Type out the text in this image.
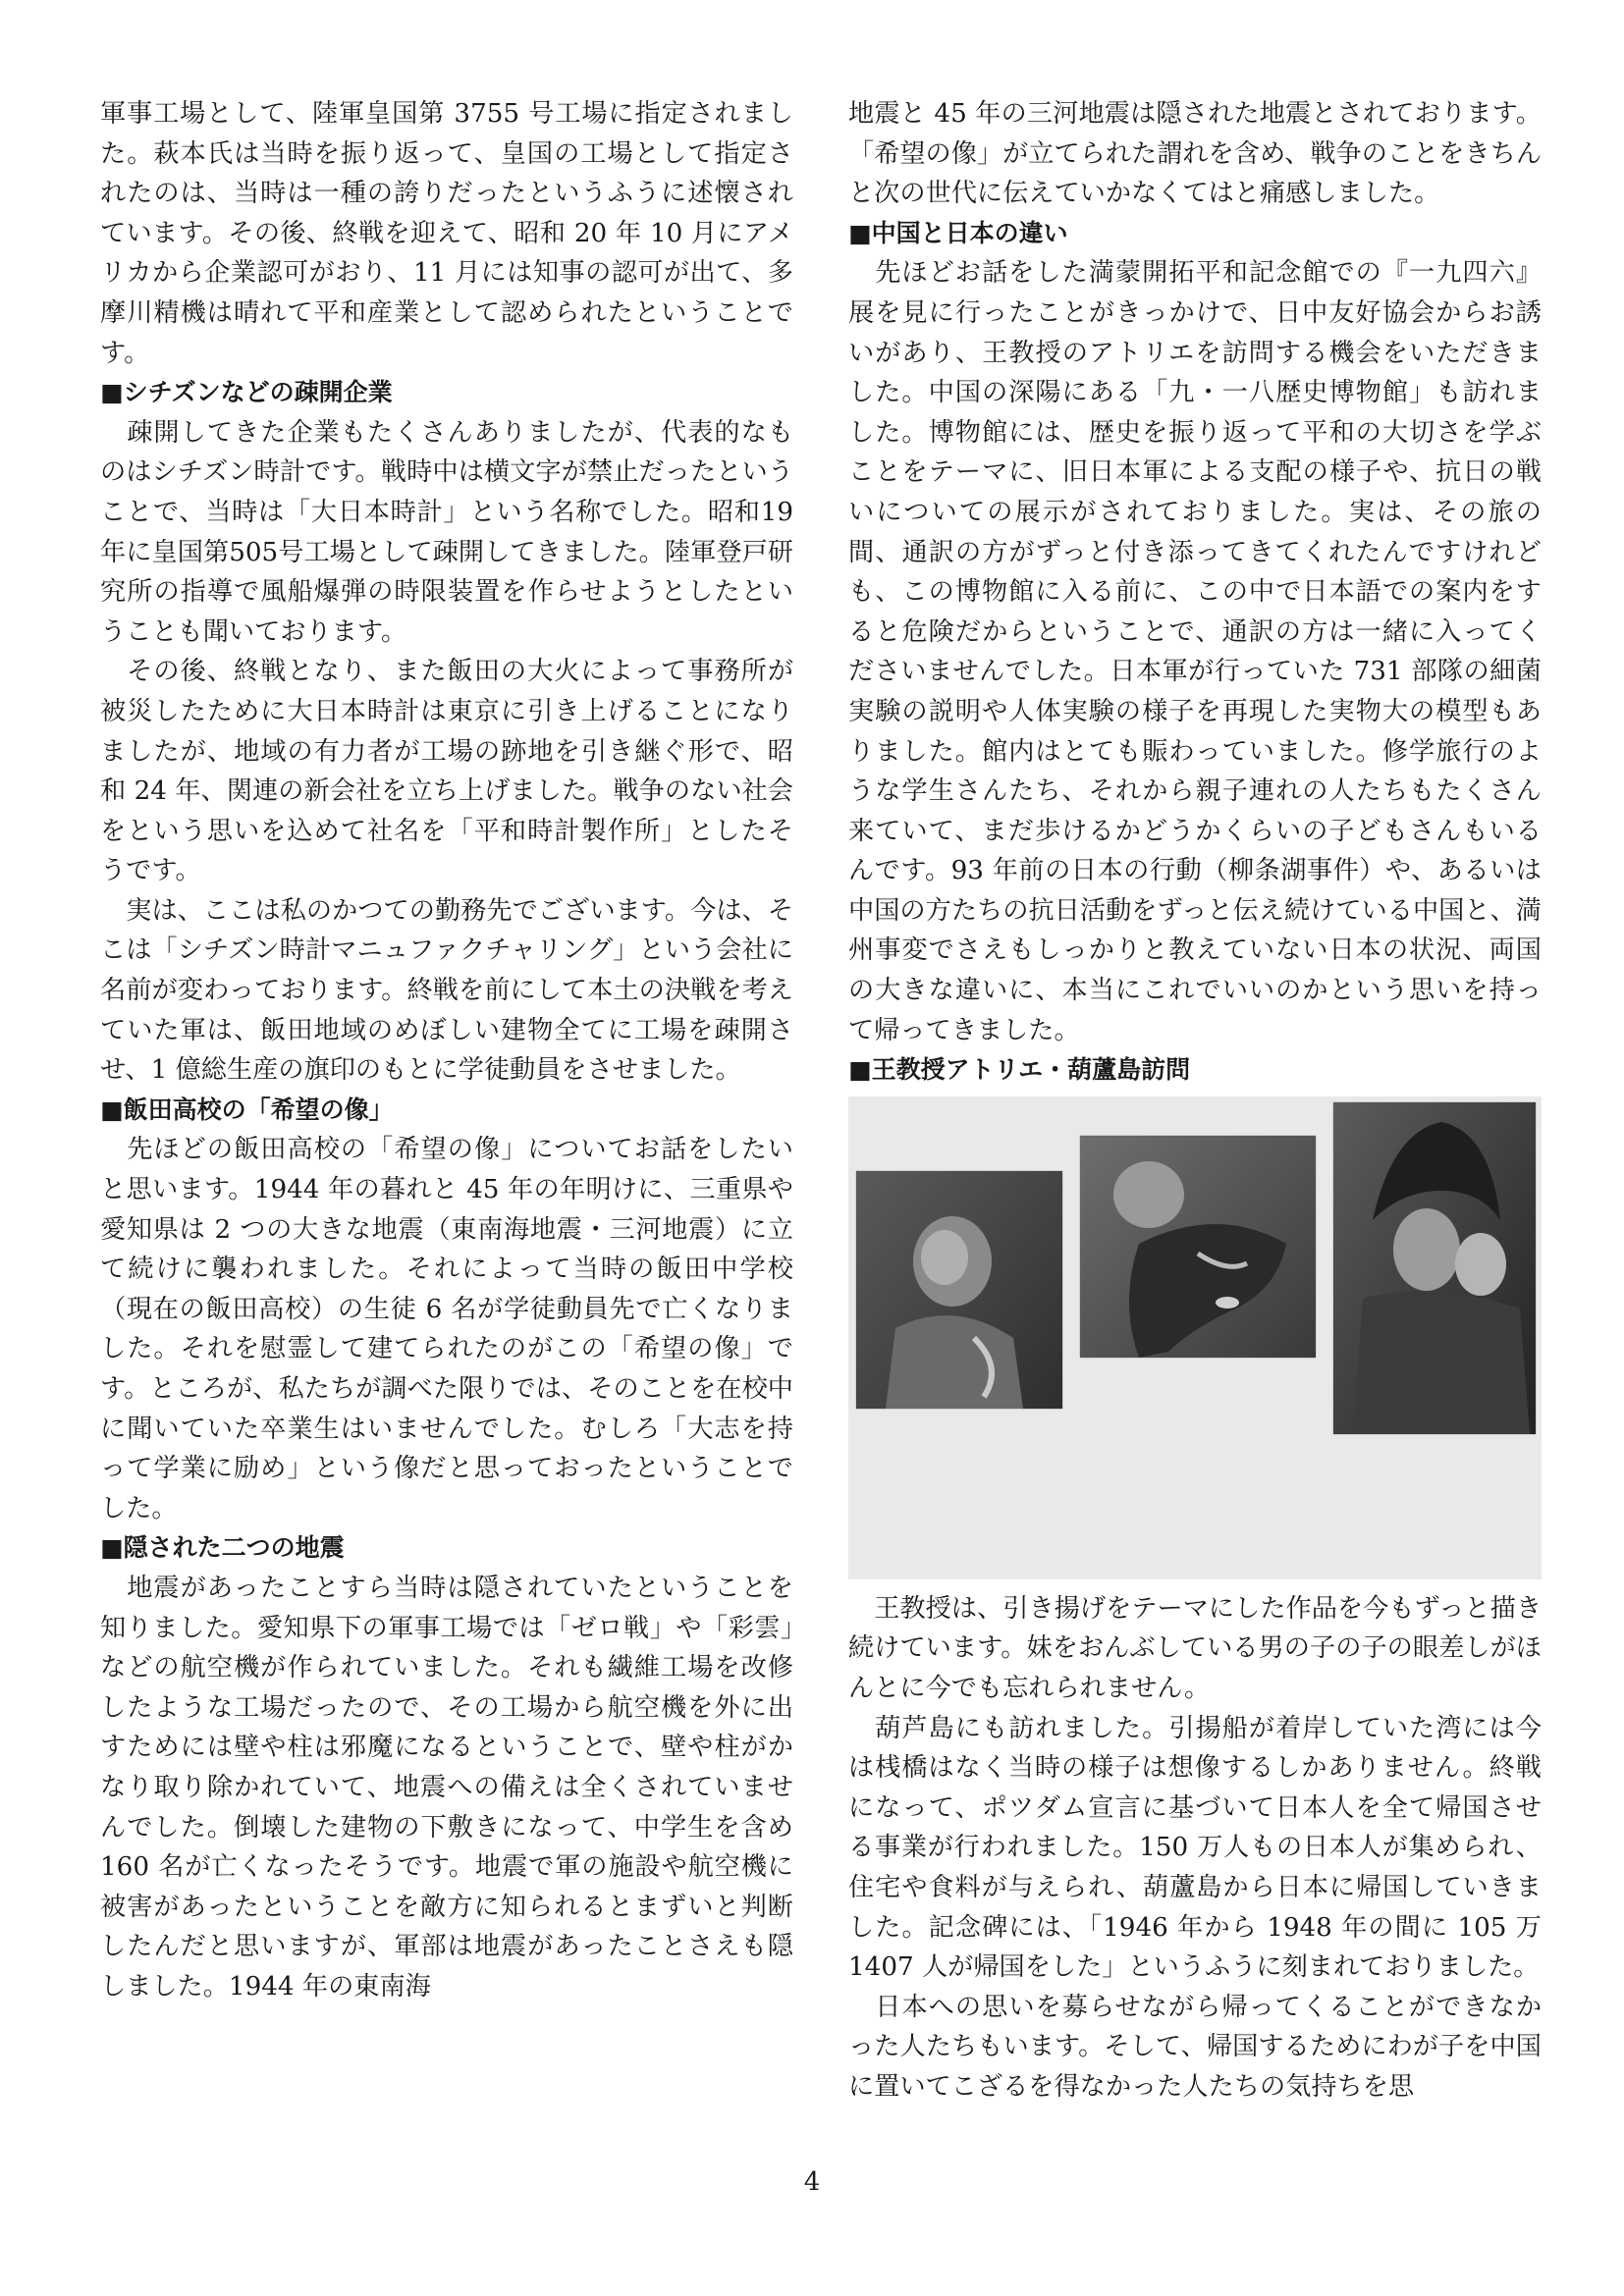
軍事工場として、陸軍皇国第 3755 号工場に指定されました。萩本氏は当時を振り返って、皇国の工場として指定されたのは、当時は一種の誇りだったというふうに述懐されています。その後、終戦を迎えて、昭和 20 年 10 月にアメリカから企業認可がおり、11 月には知事の認可が出て、多摩川精機は晴れて平和産業として認められたということです。

■シチズンなどの疎開企業

　疎開してきた企業もたくさんありましたが、代表的なものはシチズン時計です。戦時中は横文字が禁止だったということで、当時は「大日本時計」という名称でした。昭和19年に皇国第505号工場として疎開してきました。陸軍登戸研究所の指導で風船爆弾の時限装置を作らせようとしたということも聞いております。

　その後、終戦となり、また飯田の大火によって事務所が被災したために大日本時計は東京に引き上げることになりましたが、地域の有力者が工場の跡地を引き継ぐ形で、昭和 24 年、関連の新会社を立ち上げました。戦争のない社会をという思いを込めて社名を「平和時計製作所」としたそうです。

　実は、ここは私のかつての勤務先でございます。今は、そこは「シチズン時計マニュファクチャリング」という会社に名前が変わっております。終戦を前にして本土の決戦を考えていた軍は、飯田地域のめぼしい建物全てに工場を疎開させ、1 億総生産の旗印のもとに学徒動員をさせました。

■飯田高校の「希望の像」

　先ほどの飯田高校の「希望の像」についてお話をしたいと思います。1944 年の暮れと 45 年の年明けに、三重県や愛知県は 2 つの大きな地震（東南海地震・三河地震）に立て続けに襲われました。それによって当時の飯田中学校（現在の飯田高校）の生徒 6 名が学徒動員先で亡くなりました。それを慰霊して建てられたのがこの「希望の像」です。ところが、私たちが調べた限りでは、そのことを在校中に聞いていた卒業生はいませんでした。むしろ「大志を持って学業に励め」という像だと思っておったということでした。

■隠された二つの地震

　地震があったことすら当時は隠されていたということを知りました。愛知県下の軍事工場では「ゼロ戦」や「彩雲」などの航空機が作られていました。それも繊維工場を改修したような工場だったので、その工場から航空機を外に出すためには壁や柱は邪魔になるということで、壁や柱がかなり取り除かれていて、地震への備えは全くされていませんでした。倒壊した建物の下敷きになって、中学生を含め 160 名が亡くなったそうです。地震で軍の施設や航空機に被害があったということを敵方に知られるとまずいと判断したんだと思いますが、軍部は地震があったことさえも隠しました。1944 年の東南海

地震と 45 年の三河地震は隠された地震とされております。「希望の像」が立てられた謂れを含め、戦争のことをきちんと次の世代に伝えていかなくてはと痛感しました。

■中国と日本の違い

　先ほどお話をした満蒙開拓平和記念館での『一九四六』展を見に行ったことがきっかけで、日中友好協会からお誘いがあり、王教授のアトリエを訪問する機会をいただきました。中国の深陽にある「九・一八歴史博物館」も訪れました。博物館には、歴史を振り返って平和の大切さを学ぶことをテーマに、旧日本軍による支配の様子や、抗日の戦いについての展示がされておりました。実は、その旅の間、通訳の方がずっと付き添ってきてくれたんですけれども、この博物館に入る前に、この中で日本語での案内をすると危険だからということで、通訳の方は一緒に入ってくださいませんでした。日本軍が行っていた 731 部隊の細菌実験の説明や人体実験の様子を再現した実物大の模型もありました。館内はとても賑わっていました。修学旅行のような学生さんたち、それから親子連れの人たちもたくさん来ていて、まだ歩けるかどうかくらいの子どもさんもいるんです。93 年前の日本の行動（柳条湖事件）や、あるいは中国の方たちの抗日活動をずっと伝え続けている中国と、満州事変でさえもしっかりと教えていない日本の状況、両国の大きな違いに、本当にこれでいいのかという思いを持って帰ってきました。

■王教授アトリエ・葫蘆島訪問

　王教授は、引き揚げをテーマにした作品を今もずっと描き続けています。妹をおんぶしている男の子の子の眼差しがほんとに今でも忘れられません。

　葫芦島にも訪れました。引揚船が着岸していた湾には今は桟橋はなく当時の様子は想像するしかありません。終戦になって、ポツダム宣言に基づいて日本人を全て帰国させる事業が行われました。150 万人もの日本人が集められ、住宅や食料が与えられ、葫蘆島から日本に帰国していきました。記念碑には、「1946 年から 1948 年の間に 105 万 1407 人が帰国をした」というふうに刻まれておりました。

　日本への思いを募らせながら帰ってくることができなかった人たちもいます。そして、帰国するためにわが子を中国に置いてこざるを得なかった人たちの気持ちを思

4
